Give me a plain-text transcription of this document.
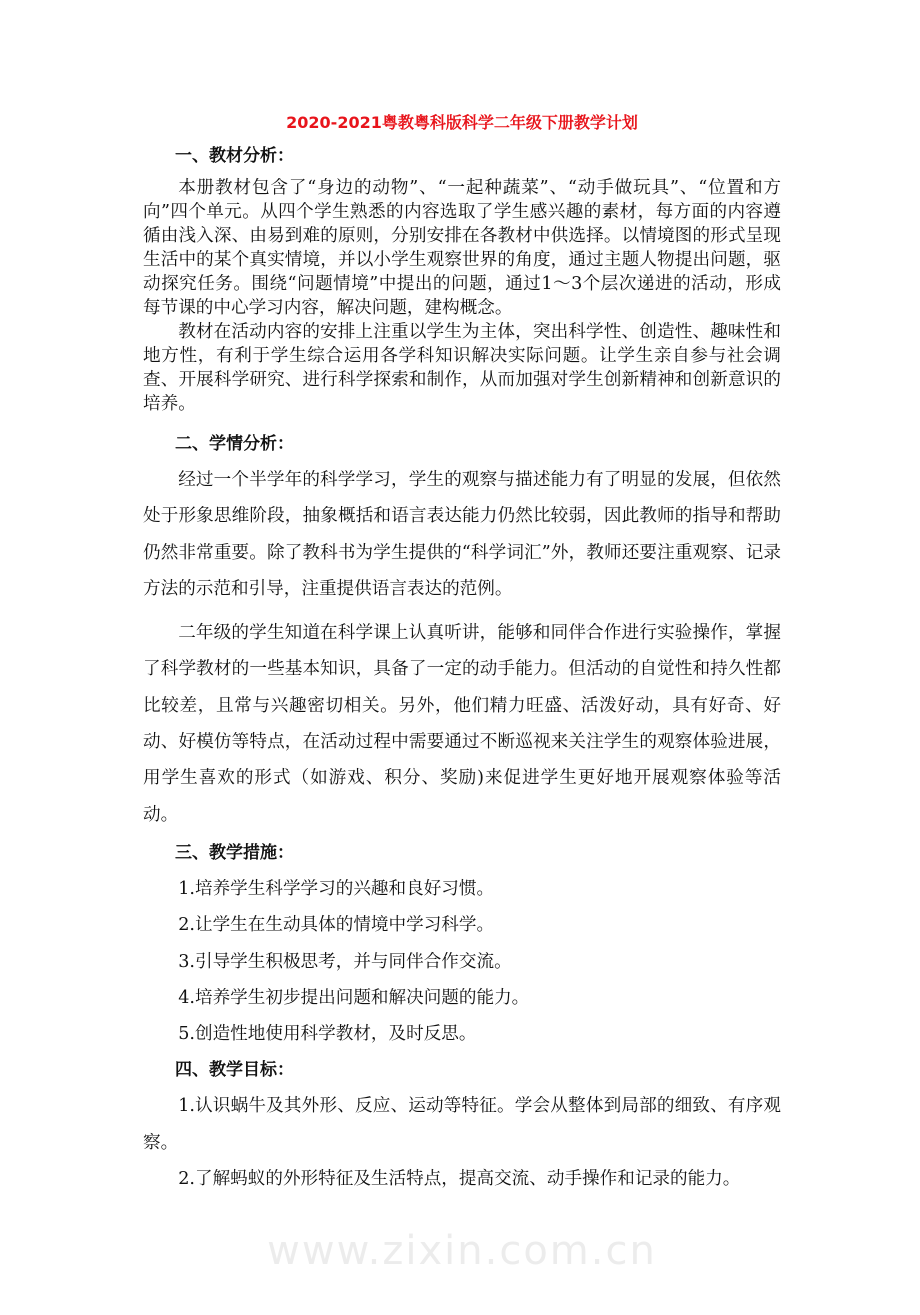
2020-2021粤教粤科版科学二年级下册教学计划
一、教材分析：

本册教材包含了“身边的动物”、“一起种蔬菜”、“动手做玩具”、“位置和方向”四个单元。从四个学生熟悉的内容选取了学生感兴趣的素材，每方面的内容遵循由浅入深、由易到难的原则，分别安排在各教材中供选择。以情境图的形式呈现生活中的某个真实情境，并以小学生观察世界的角度，通过主题人物提出问题，驱动探究任务。围绕“问题情境”中提出的问题，通过1～3个层次递进的活动，形成每节课的中心学习内容，解决问题，建构概念。

教材在活动内容的安排上注重以学生为主体，突出科学性、创造性、趣味性和地方性，有利于学生综合运用各学科知识解决实际问题。让学生亲自参与社会调查、开展科学研究、进行科学探索和制作，从而加强对学生创新精神和创新意识的培养。

二、学情分析：

经过一个半学年的科学学习，学生的观察与描述能力有了明显的发展，但依然处于形象思维阶段，抽象概括和语言表达能力仍然比较弱，因此教师的指导和帮助仍然非常重要。除了教科书为学生提供的“科学词汇”外，教师还要注重观察、记录方法的示范和引导，注重提供语言表达的范例。

二年级的学生知道在科学课上认真听讲，能够和同伴合作进行实验操作，掌握了科学教材的一些基本知识，具备了一定的动手能力。但活动的自觉性和持久性都比较差，且常与兴趣密切相关。另外，他们精力旺盛、活泼好动，具有好奇、好动、好模仿等特点，在活动过程中需要通过不断巡视来关注学生的观察体验进展，用学生喜欢的形式（如游戏、积分、奖励)来促进学生更好地开展观察体验等活动。

三、教学措施：

1.培养学生科学学习的兴趣和良好习惯。

2.让学生在生动具体的情境中学习科学。

3.引导学生积极思考，并与同伴合作交流。

4.培养学生初步提出问题和解决问题的能力。

5.创造性地使用科学教材，及时反思。

四、教学目标：

1.认识蜗牛及其外形、反应、运动等特征。学会从整体到局部的细致、有序观察。

2.了解蚂蚁的外形特征及生活特点，提高交流、动手操作和记录的能力。

www.zixin.com.cn
